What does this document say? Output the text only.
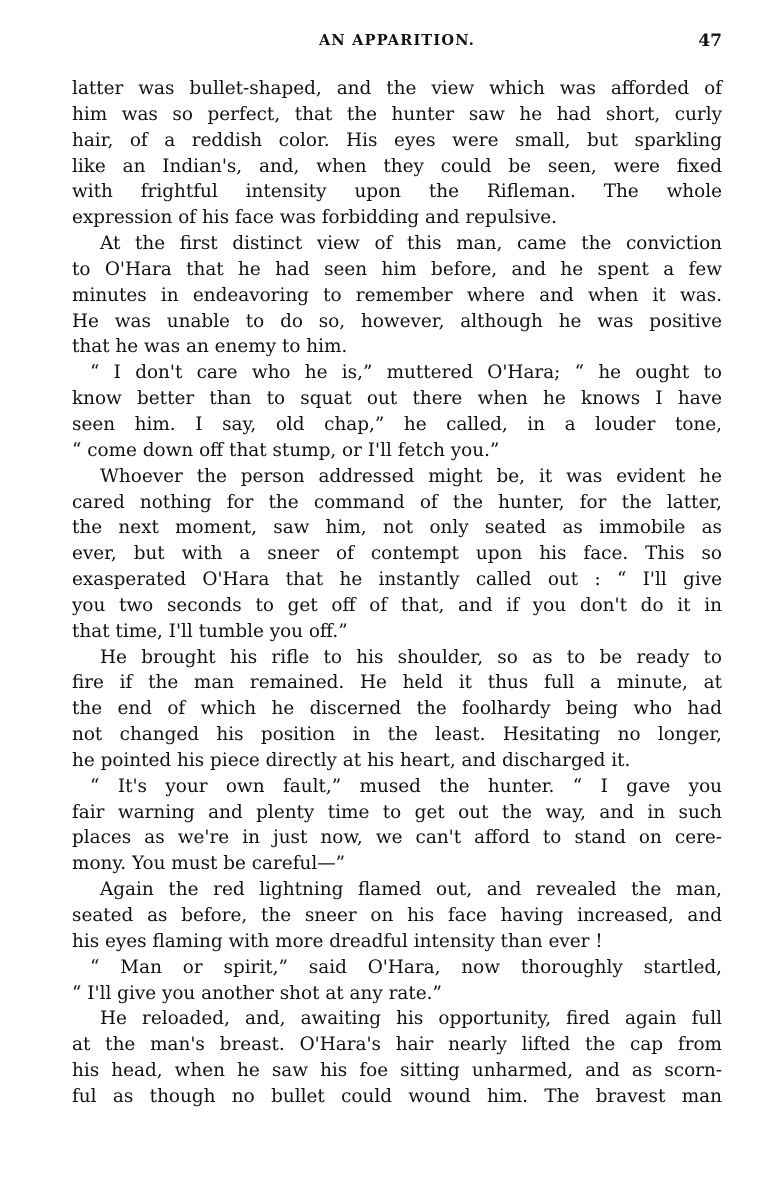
AN APPARITION.	47
latter was bullet-shaped, and the view which was afforded of
him was so perfect, that the hunter saw he had short, curly
hair, of a reddish color. His eyes were small, but sparkling
like an Indian's, and, when they could be seen, were fixed
with frightful intensity upon the Rifleman. The whole
expression of his face was forbidding and repulsive.
At the first distinct view of this man, came the conviction
to O'Hara that he had seen him before, and he spent a few
minutes in endeavoring to remember where and when it was.
He was unable to do so, however, although he was positive
that he was an enemy to him.
“ I don't care who he is,” muttered O'Hara; “ he ought to
know better than to squat out there when he knows I have
seen him. I say, old chap,” he called, in a louder tone,
“ come down off that stump, or I'll fetch you.”
Whoever the person addressed might be, it was evident he
cared nothing for the command of the hunter, for the latter,
the next moment, saw him, not only seated as immobile as
ever, but with a sneer of contempt upon his face. This so
exasperated O'Hara that he instantly called out : “ I'll give
you two seconds to get off of that, and if you don't do it in
that time, I'll tumble you off.”
He brought his rifle to his shoulder, so as to be ready to
fire if the man remained. He held it thus full a minute, at
the end of which he discerned the foolhardy being who had
not changed his position in the least. Hesitating no longer,
he pointed his piece directly at his heart, and discharged it.
“ It's your own fault,” mused the hunter. “ I gave you
fair warning and plenty time to get out the way, and in such
places as we're in just now, we can't afford to stand on cere-
mony. You must be careful—”
Again the red lightning flamed out, and revealed the man,
seated as before, the sneer on his face having increased, and
his eyes flaming with more dreadful intensity than ever !
“ Man or spirit,” said O'Hara, now thoroughly startled,
“ I'll give you another shot at any rate.”
He reloaded, and, awaiting his opportunity, fired again full
at the man's breast. O'Hara's hair nearly lifted the cap from
his head, when he saw his foe sitting unharmed, and as scorn-
ful as though no bullet could wound him. The bravest man
